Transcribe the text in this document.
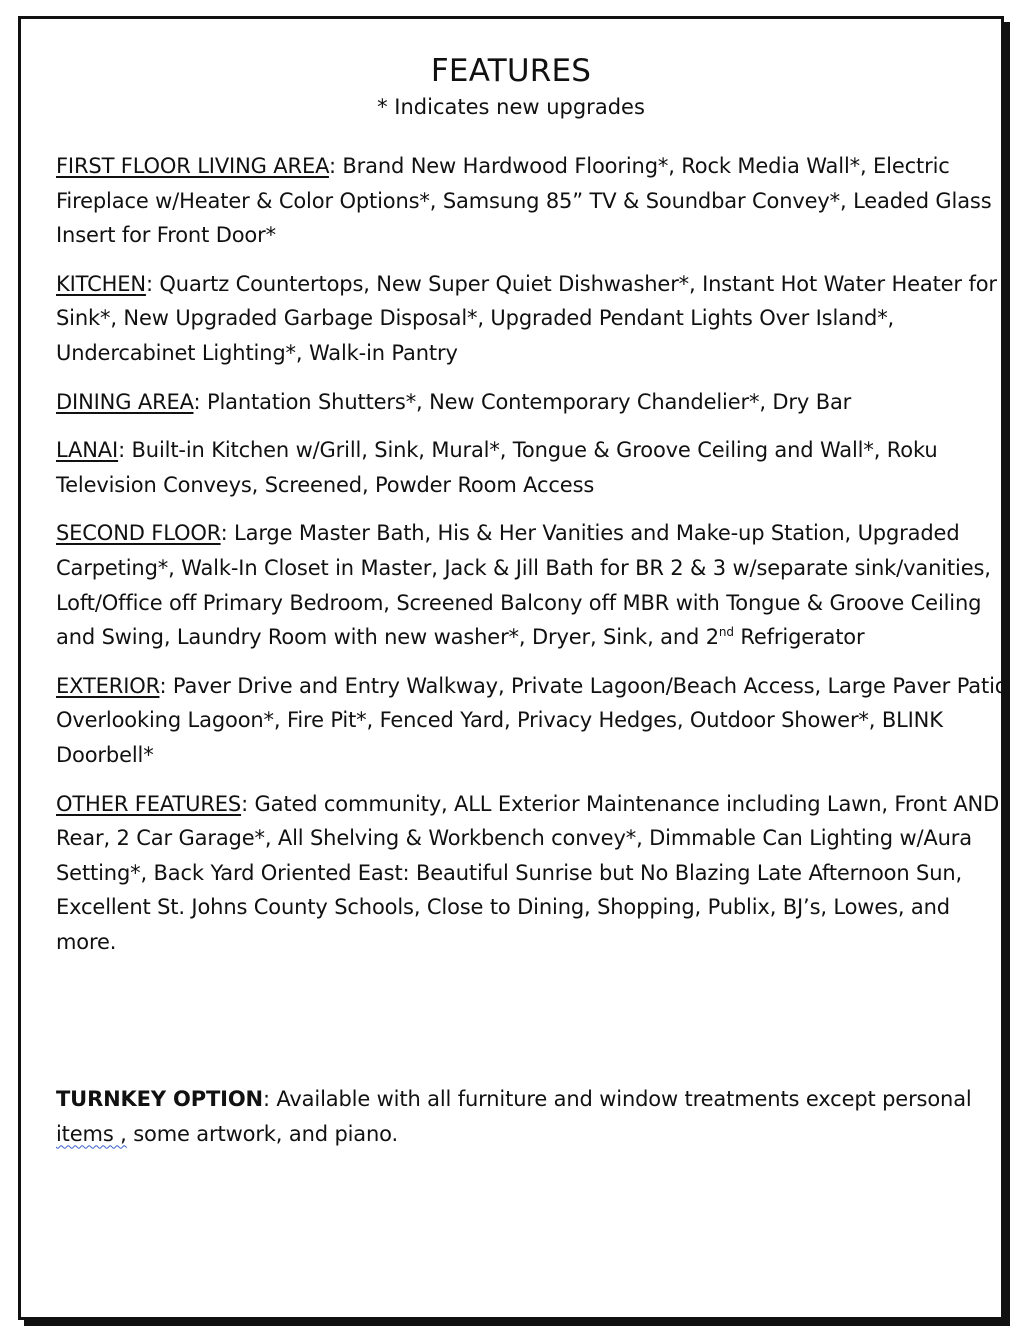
FEATURES
* Indicates new upgrades

FIRST FLOOR LIVING AREA: Brand New Hardwood Flooring*, Rock Media Wall*, Electric Fireplace w/Heater & Color Options*, Samsung 85” TV & Soundbar Convey*, Leaded Glass Insert for Front Door*

KITCHEN: Quartz Countertops, New Super Quiet Dishwasher*, Instant Hot Water Heater for Sink*, New Upgraded Garbage Disposal*, Upgraded Pendant Lights Over Island*, Undercabinet Lighting*, Walk-in Pantry

DINING AREA: Plantation Shutters*, New Contemporary Chandelier*, Dry Bar

LANAI: Built-in Kitchen w/Grill, Sink, Mural*, Tongue & Groove Ceiling and Wall*, Roku Television Conveys, Screened, Powder Room Access

SECOND FLOOR: Large Master Bath, His & Her Vanities and Make-up Station, Upgraded Carpeting*, Walk-In Closet in Master, Jack & Jill Bath for BR 2 & 3 w/separate sink/vanities, Loft/Office off Primary Bedroom, Screened Balcony off MBR with Tongue & Groove Ceiling and Swing, Laundry Room with new washer*, Dryer, Sink, and 2nd Refrigerator

EXTERIOR: Paver Drive and Entry Walkway, Private Lagoon/Beach Access, Large Paver Patio Overlooking Lagoon*, Fire Pit*, Fenced Yard, Privacy Hedges, Outdoor Shower*, BLINK Doorbell*

OTHER FEATURES: Gated community, ALL Exterior Maintenance including Lawn, Front AND Rear, 2 Car Garage*, All Shelving & Workbench convey*, Dimmable Can Lighting w/Aura Setting*, Back Yard Oriented East: Beautiful Sunrise but No Blazing Late Afternoon Sun, Excellent St. Johns County Schools, Close to Dining, Shopping, Publix, BJ’s, Lowes, and more.

TURNKEY OPTION: Available with all furniture and window treatments except personal items , some artwork, and piano.
